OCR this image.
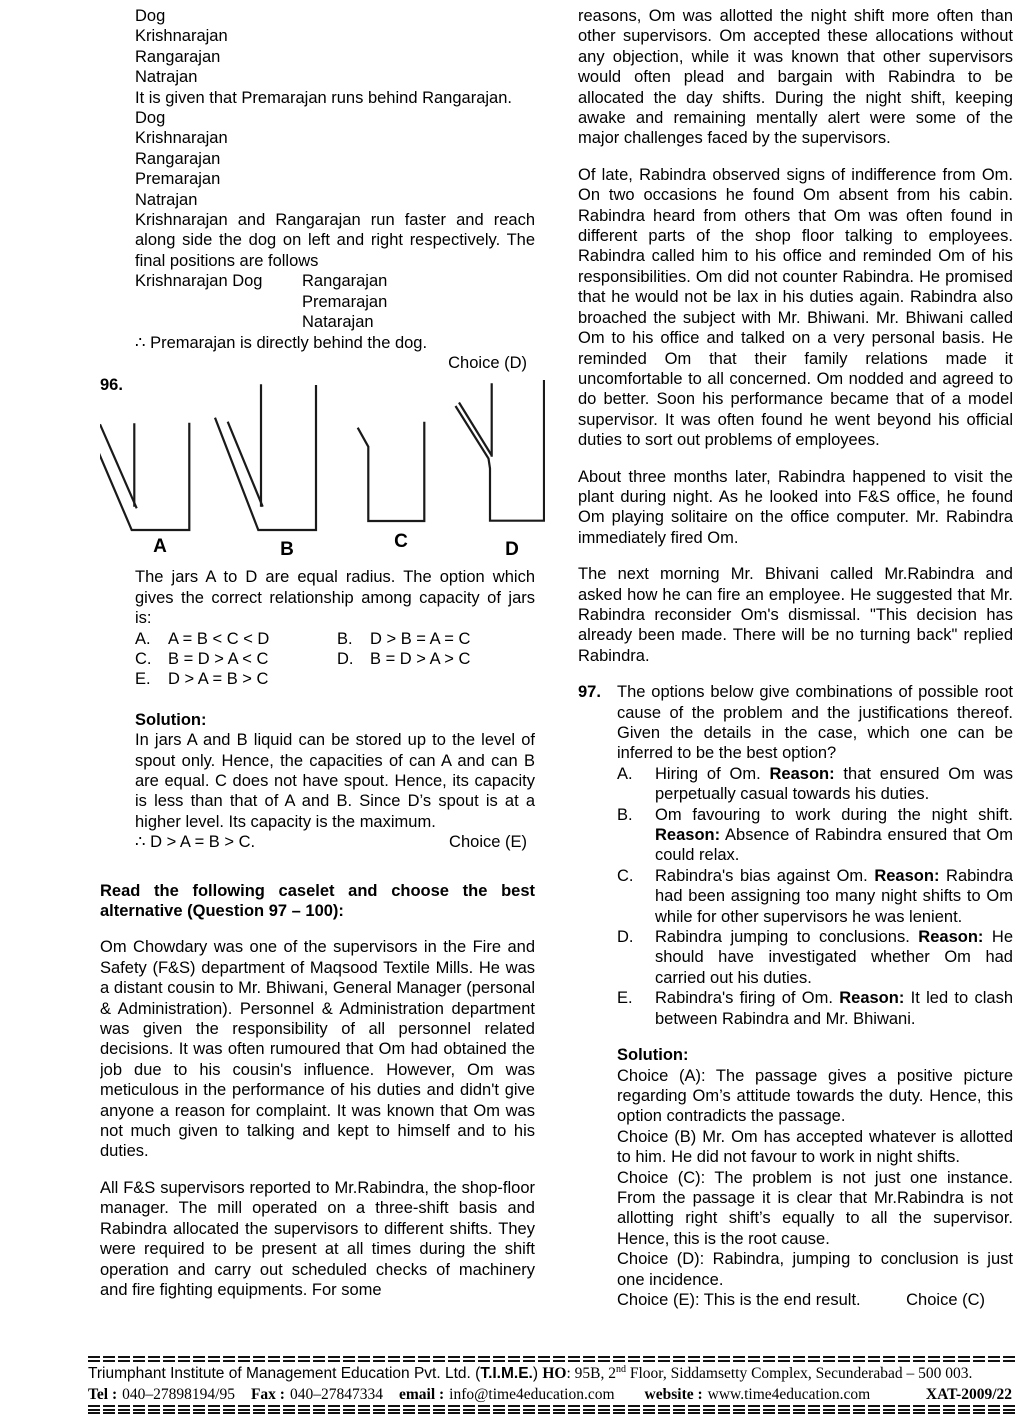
Dog
Krishnarajan
Rangarajan
Natrajan
It is given that Premarajan runs behind Rangarajan.
Dog
Krishnarajan
Rangarajan
Premarajan
Natrajan
Krishnarajan and Rangarajan run faster and reach along side the dog on left and right respectively. The final positions are follows
Krishnarajan Dog	Rangarajan
Premarajan
Natarajan
∴ Premarajan is directly behind the dog.
Choice (D)
96.
A	B	C	D
The jars A to D are equal radius. The option which gives the correct relationship among capacity of jars is:
A.	A = B < C < D	B.	D > B = A = C
C.	B = D > A < C	D.	B = D > A > C
E.	D > A = B > C
Solution:
In jars A and B liquid can be stored up to the level of spout only. Hence, the capacities of can A and can B are equal. C does not have spout. Hence, its capacity is less than that of A and B. Since D’s spout is at a higher level. Its capacity is the maximum.
∴ D > A = B > C.	Choice (E)
Read the following caselet and choose the best alternative (Question 97 – 100):
Om Chowdary was one of the supervisors in the Fire and Safety (F&S) department of Maqsood Textile Mills. He was a distant cousin to Mr. Bhiwani, General Manager (personal & Administration). Personnel & Administration department was given the responsibility of all personnel related decisions. It was often rumoured that Om had obtained the job due to his cousin's influence. However, Om was meticulous in the performance of his duties and didn't give anyone a reason for complaint. It was known that Om was not much given to talking and kept to himself and to his duties.
All F&S supervisors reported to Mr.Rabindra, the shop-floor manager. The mill operated on a three-shift basis and Rabindra allocated the supervisors to different shifts. They were required to be present at all times during the shift operation and carry out scheduled checks of machinery and fire fighting equipments. For some
reasons, Om was allotted the night shift more often than other supervisors. Om accepted these allocations without any objection, while it was known that other supervisors would often plead and bargain with Rabindra to be allocated the day shifts. During the night shift, keeping awake and remaining mentally alert were some of the major challenges faced by the supervisors.
Of late, Rabindra observed signs of indifference from Om. On two occasions he found Om absent from his cabin. Rabindra heard from others that Om was often found in different parts of the shop floor talking to employees. Rabindra called him to his office and reminded Om of his responsibilities. Om did not counter Rabindra. He promised that he would not be lax in his duties again. Rabindra also broached the subject with Mr. Bhiwani. Mr. Bhiwani called Om to his office and talked on a very personal basis. He reminded Om that their family relations made it uncomfortable to all concerned. Om nodded and agreed to do better. Soon his performance became that of a model supervisor. It was often found he went beyond his official duties to sort out problems of employees.
About three months later, Rabindra happened to visit the plant during night. As he looked into F&S office, he found Om playing solitaire on the office computer. Mr. Rabindra immediately fired Om.
The next morning Mr. Bhivani called Mr.Rabindra and asked how he can fire an employee. He suggested that Mr. Rabindra reconsider Om's dismissal. "This decision has already been made. There will be no turning back" replied Rabindra.
97. The options below give combinations of possible root cause of the problem and the justifications thereof. Given the details in the case, which one can be inferred to be the best option?
A.	Hiring of Om. Reason: that ensured Om was perpetually casual towards his duties.
B.	Om favouring to work during the night shift. Reason: Absence of Rabindra ensured that Om could relax.
C.	Rabindra's bias against Om. Reason: Rabindra had been assigning too many night shifts to Om while for other supervisors he was lenient.
D.	Rabindra jumping to conclusions. Reason: He should have investigated whether Om had carried out his duties.
E.	Rabindra's firing of Om. Reason: It led to clash between Rabindra and Mr. Bhiwani.
Solution:
Choice (A): The passage gives a positive picture regarding Om’s attitude towards the duty. Hence, this option contradicts the passage.
Choice (B) Mr. Om has accepted whatever is allotted to him. He did not favour to work in night shifts.
Choice (C): The problem is not just one instance. From the passage it is clear that Mr.Rabindra is not allotting right shift’s equally to all the supervisor. Hence, this is the root cause.
Choice (D): Rabindra, jumping to conclusion is just one incidence.
Choice (E): This is the end result.	Choice (C)
Triumphant Institute of Management Education Pvt. Ltd. (T.I.M.E.) HO: 95B, 2nd Floor, Siddamsetty Complex, Secunderabad – 500 003.
Tel : 040–27898194/95 Fax : 040–27847334 email : info@time4education.com website : www.time4education.com	XAT-2009/22
